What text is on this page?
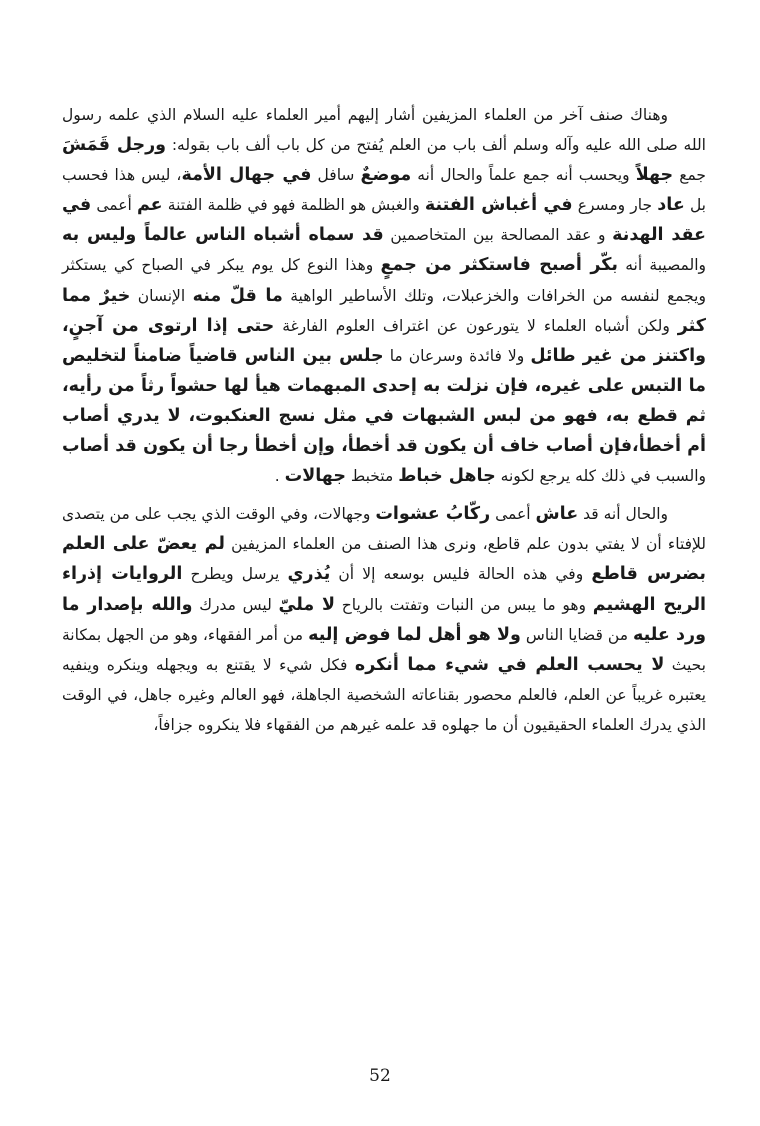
وهناك صنف آخر من العلماء المزيفين أشار إليهم أمير العلماء عليه السلام الذي علمه رسول الله صلى الله عليه وآله وسلم ألف باب من العلم يُفتح من كل باب ألف باب بقوله: ورجل قَمَشَ جمع جهلاً ويحسب أنه جمع علماً والحال أنه موضعٌ سافل في جهال الأمة، ليس هذا فحسب بل عاد جار ومسرع في أغباش الفتنة والغبش هو الظلمة فهو في ظلمة الفتنة عم أعمى في عقد الهدنة و عقد المصالحة بين المتخاصمين قد سماه أشباه الناس عالماً وليس به والمصيبة أنه بكّر أصبح فاستكثر من جمعٍ وهذا النوع كل يوم يبكر في الصباح كي يستكثر ويجمع لنفسه من الخرافات والخزعبلات، وتلك الأساطير الواهية ما قلّ منه الإنسان خيرٌ مما كثر ولكن أشباه العلماء لا يتورعون عن اغتراف العلوم الفارغة حتى إذا ارتوى من آجنٍ، واكتنز من غير طائل ولا فائدة وسرعان ما جلس بين الناس قاضياً ضامناً لتخليص ما التبس على غيره، فإن نزلت به إحدى المبهمات هيأ لها حشواً رثاً من رأيه، ثم قطع به، فهو من لبس الشبهات في مثل نسج العنكبوت، لا يدري أصاب أم أخطأ،فإن أصاب خاف أن يكون قد أخطأ، وإن أخطأ رجا أن يكون قد أصاب والسبب في ذلك كله يرجع لكونه جاهل خباط متخبط جهالات .

والحال أنه قد عاش أعمى ركّابُ عشوات وجهالات، وفي الوقت الذي يجب على من يتصدى للإفتاء أن لا يفتي بدون علم قاطع، ونرى هذا الصنف من العلماء المزيفين لم يعضّ على العلم بضرس قاطع وفي هذه الحالة فليس بوسعه إلا أن يُذري يرسل ويطرح الروايات إذراء الريح الهشيم وهو ما يبس من النبات وتفتت بالرياح لا مليّ ليس مدرك والله بإصدار ما ورد عليه من قضايا الناس ولا هو أهل لما فوض إليه من أمر الفقهاء، وهو من الجهل بمكانة بحيث لا يحسب العلم في شيء مما أنكره فكل شيء لا يقتنع به ويجهله وينكره وينفيه يعتبره غريباً عن العلم، فالعلم محصور بقناعاته الشخصية الجاهلة، فهو العالم وغيره جاهل، في الوقت الذي يدرك العلماء الحقيقيون أن ما جهلوه قد علمه غيرهم من الفقهاء فلا ينكروه جزافاً،

52
